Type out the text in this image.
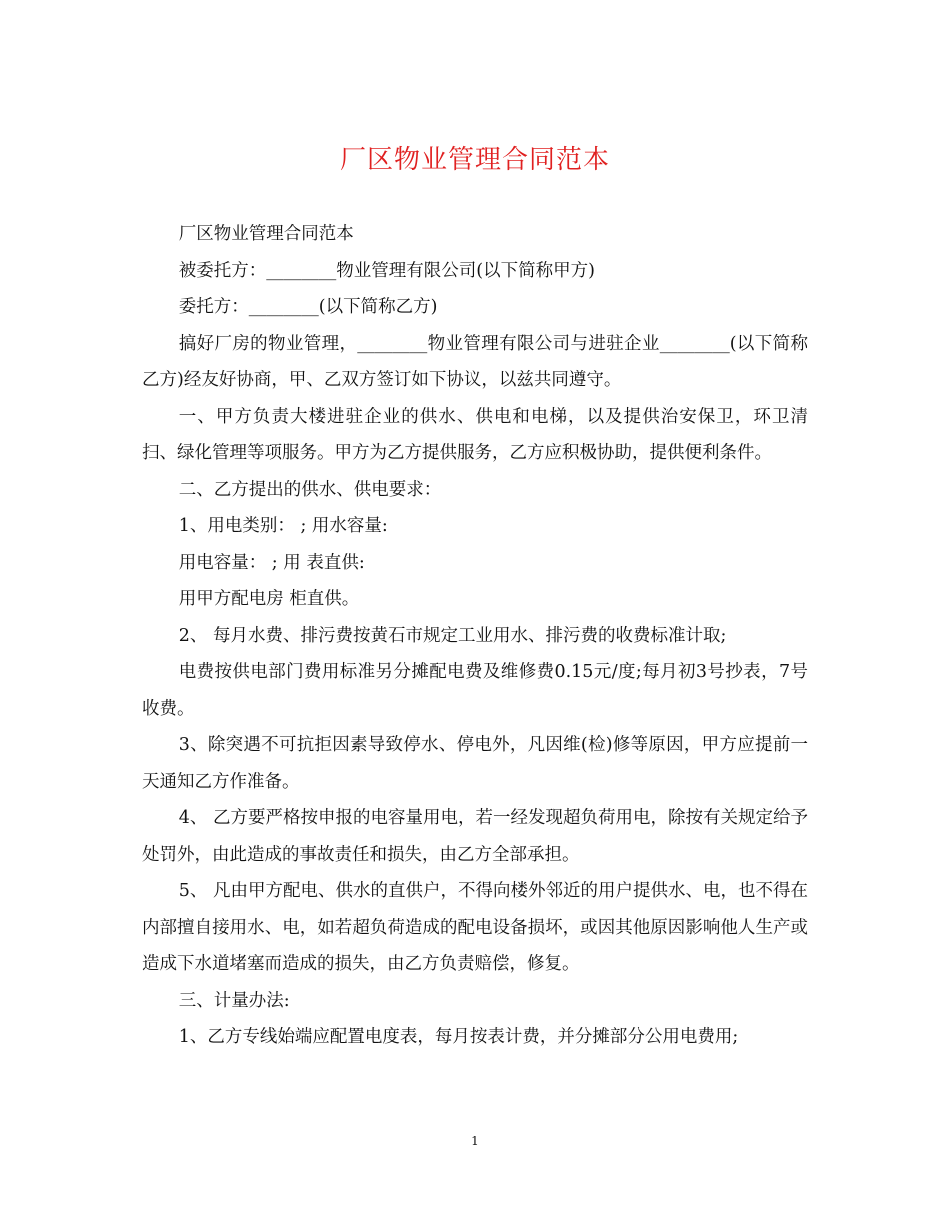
厂区物业管理合同范本

厂区物业管理合同范本

被委托方：________物业管理有限公司(以下简称甲方)

委托方：________(以下简称乙方)

搞好厂房的物业管理，________物业管理有限公司与进驻企业________(以下简称乙方)经友好协商，甲、乙双方签订如下协议，以兹共同遵守。

一、甲方负责大楼进驻企业的供水、供电和电梯，以及提供治安保卫，环卫清扫、绿化管理等项服务。甲方为乙方提供服务，乙方应积极协助，提供便利条件。

二、乙方提出的供水、供电要求：

1、用电类别： ; 用水容量:

用电容量： ; 用 表直供:

用甲方配电房 柜直供。

2、 每月水费、排污费按黄石市规定工业用水、排污费的收费标准计取;

电费按供电部门费用标准另分摊配电费及维修费0.15元/度;每月初3号抄表，7号收费。

3、除突遇不可抗拒因素导致停水、停电外，凡因维(检)修等原因，甲方应提前一天通知乙方作准备。

4、 乙方要严格按申报的电容量用电，若一经发现超负荷用电，除按有关规定给予处罚外，由此造成的事故责任和损失，由乙方全部承担。

5、 凡由甲方配电、供水的直供户，不得向楼外邻近的用户提供水、电，也不得在内部擅自接用水、电，如若超负荷造成的配电设备损坏，或因其他原因影响他人生产或造成下水道堵塞而造成的损失，由乙方负责赔偿，修复。

三、计量办法:

1、乙方专线始端应配置电度表，每月按表计费，并分摊部分公用电费用;

1
